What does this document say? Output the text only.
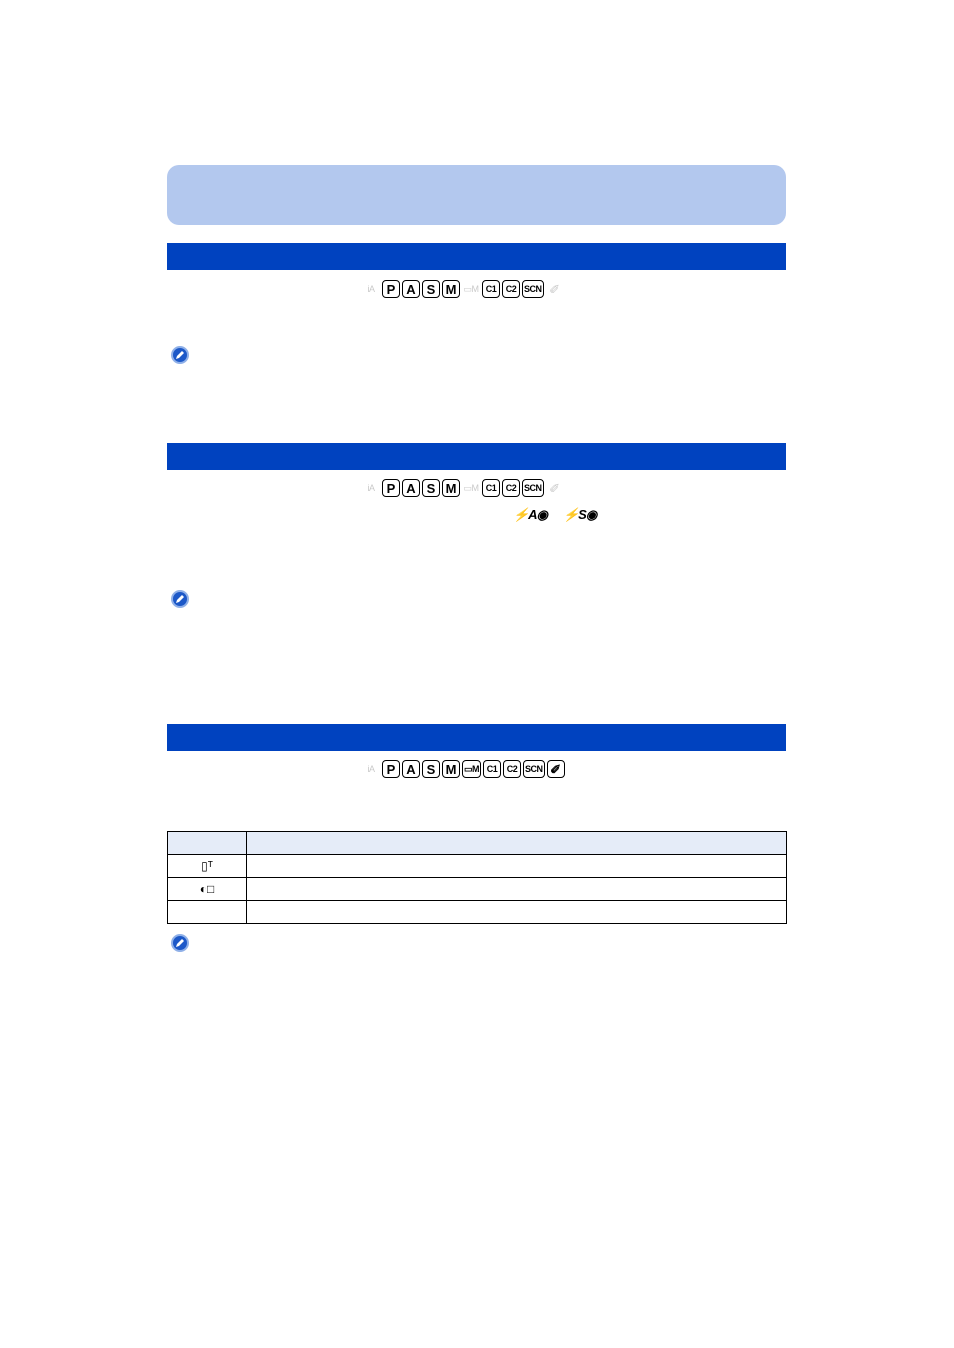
iA P A S M ▭M C1	C2 SCN ✐
iA P A S M ▭M C1	C2 SCN ✐
⚡A◉ ⚡S◉
iA P A S M ▭M C1	C2 SCN ✐

▯ᵀ	
◐□	
